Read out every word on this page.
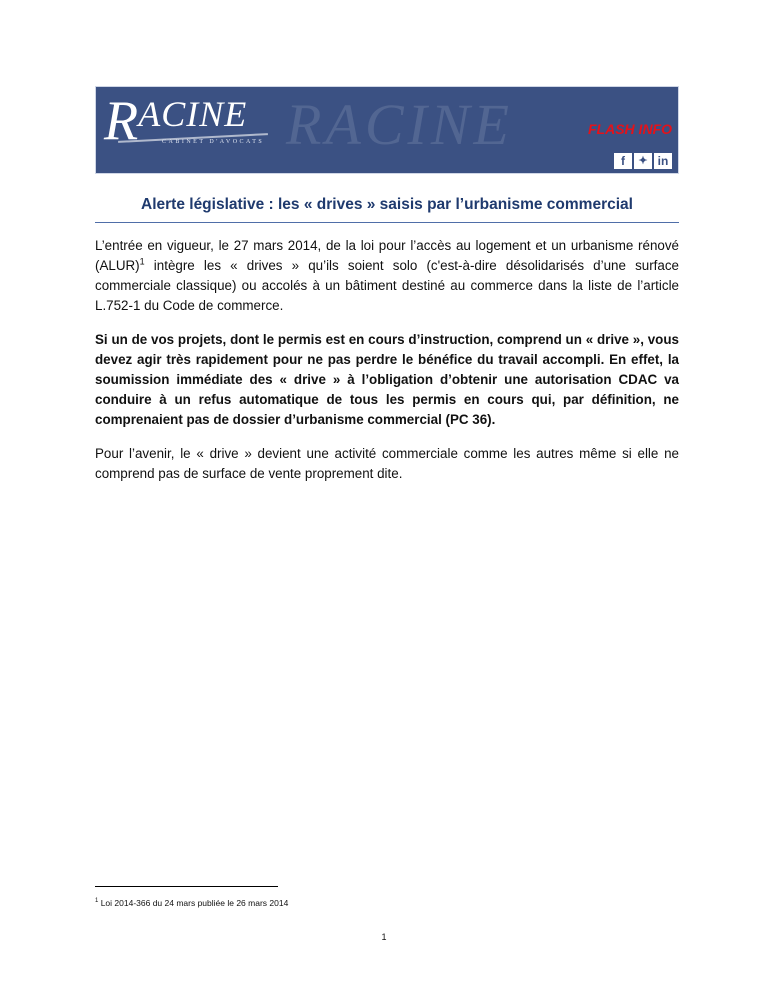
RACINE
RACINE
CABINET D'AVOCATS
FLASH INFO
f	✦ in
Alerte législative : les « drives » saisis par l’urbanisme commercial

L’entrée en vigueur, le 27 mars 2014, de la loi pour l’accès au logement et un urbanisme rénové (ALUR)$^1$ intègre les « drives » qu’ils soient solo (c'est-à-dire désolidarisés d’une surface commerciale classique) ou accolés à un bâtiment destiné au commerce dans la liste de l’article L.752-1 du Code de commerce.

Si un de vos projets, dont le permis est en cours d’instruction, comprend un « drive », vous devez agir très rapidement pour ne pas perdre le bénéfice du travail accompli. En effet, la soumission immédiate des « drive » à l’obligation d’obtenir une autorisation CDAC va conduire à un refus automatique de tous les permis en cours qui, par définition, ne comprenaient pas de dossier d’urbanisme commercial (PC 36).

Pour l’avenir, le « drive » devient une activité commerciale comme les autres même si elle ne comprend pas de surface de vente proprement dite.

$^1$ Loi 2014-366 du 24 mars publiée le 26 mars 2014

1
